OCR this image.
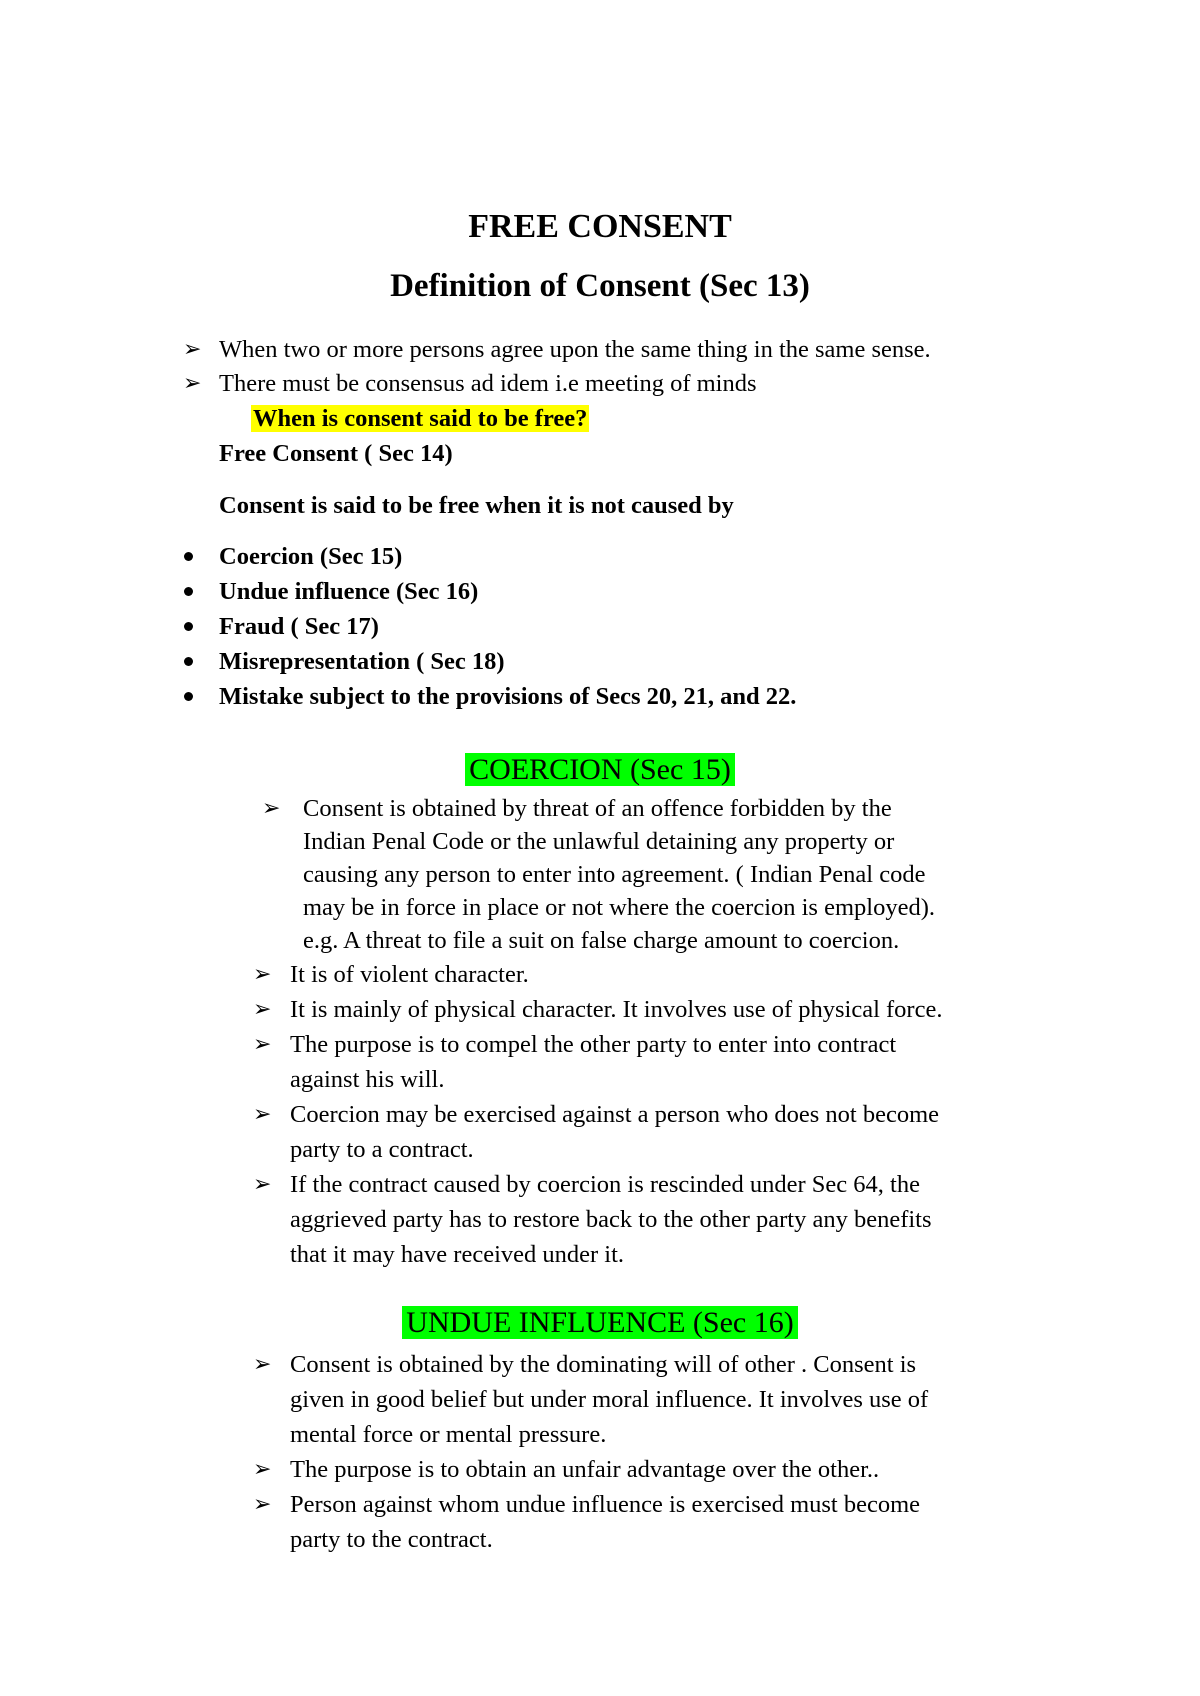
FREE CONSENT
Definition of Consent (Sec 13)
➢ When two or more persons agree upon the same thing in the same sense.
➢ There must be consensus ad idem i.e meeting of minds
When is consent said to be free?
Free Consent ( Sec 14)
Consent is said to be free when it is not caused by
Coercion (Sec 15)
Undue influence (Sec 16)
Fraud ( Sec 17)
Misrepresentation ( Sec 18)
Mistake subject to the provisions of Secs 20, 21, and 22.
COERCION (Sec 15)
➢ Consent is obtained by threat of an offence forbidden by the
Indian Penal Code or the unlawful detaining any property or
causing any person to enter into agreement. ( Indian Penal code
may be in force in place or not where the coercion is employed).
e.g. A threat to file a suit on false charge amount to coercion.
➢ It is of violent character.
➢ It is mainly of physical character. It involves use of physical force.
➢ The purpose is to compel the other party to enter into contract
against his will.
➢ Coercion may be exercised against a person who does not become
party to a contract.
➢ If the contract caused by coercion is rescinded under Sec 64, the
aggrieved party has to restore back to the other party any benefits
that it may have received under it.
UNDUE INFLUENCE (Sec 16)
➢ Consent is obtained by the dominating will of other . Consent is
given in good belief but under moral influence. It involves use of
mental force or mental pressure.
➢ The purpose is to obtain an unfair advantage over the other..
➢ Person against whom undue influence is exercised must become
party to the contract.
